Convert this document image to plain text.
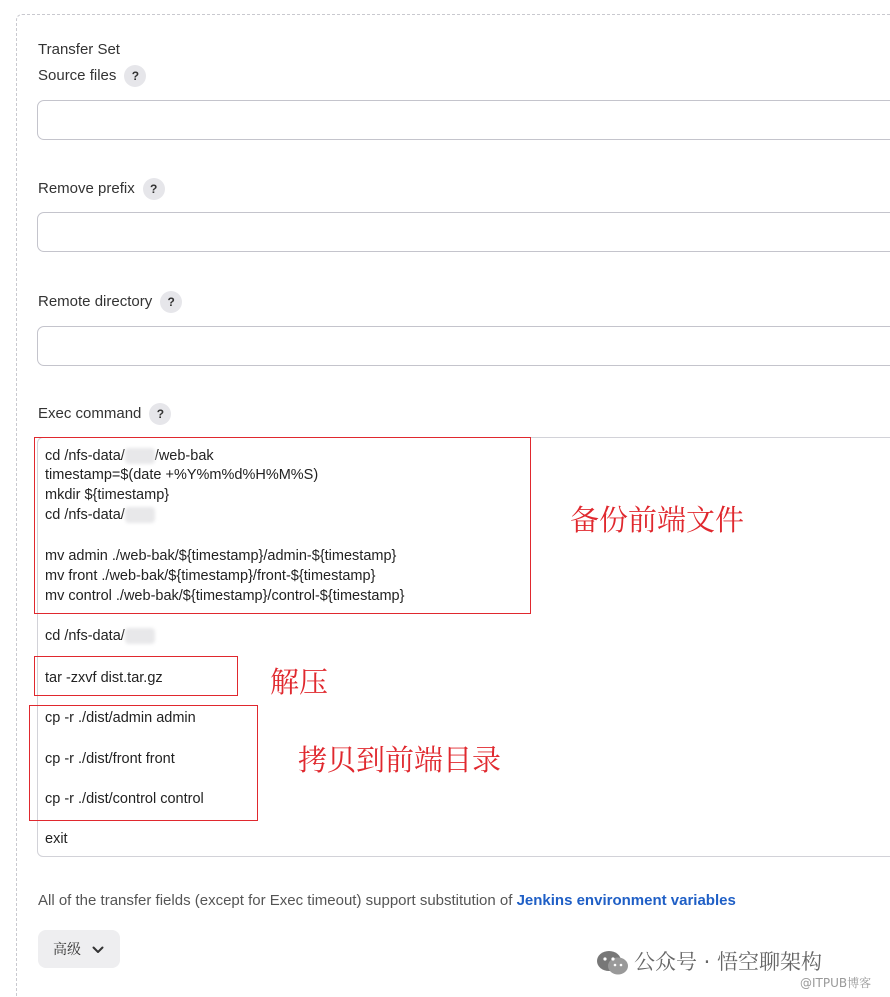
Transfer Set
Source files ?
Remove prefix ?
Remote directory ?
Exec command ?
cd /nfs-data/ /web-bak
timestamp=$(date +%Y%m%d%H%M%S)
mkdir ${timestamp}
cd /nfs-data/
mv admin ./web-bak/${timestamp}/admin-${timestamp}
mv front ./web-bak/${timestamp}/front-${timestamp}
mv control ./web-bak/${timestamp}/control-${timestamp}
cd /nfs-data/
tar -zxvf dist.tar.gz
cp -r ./dist/admin admin
cp -r ./dist/front front
cp -r ./dist/control control
exit
备份前端文件
解压
拷贝到前端目录
All of the transfer fields (except for Exec timeout) support substitution of Jenkins environment variables
高级
公众号 · 悟空聊架构
@ITPUB博客
